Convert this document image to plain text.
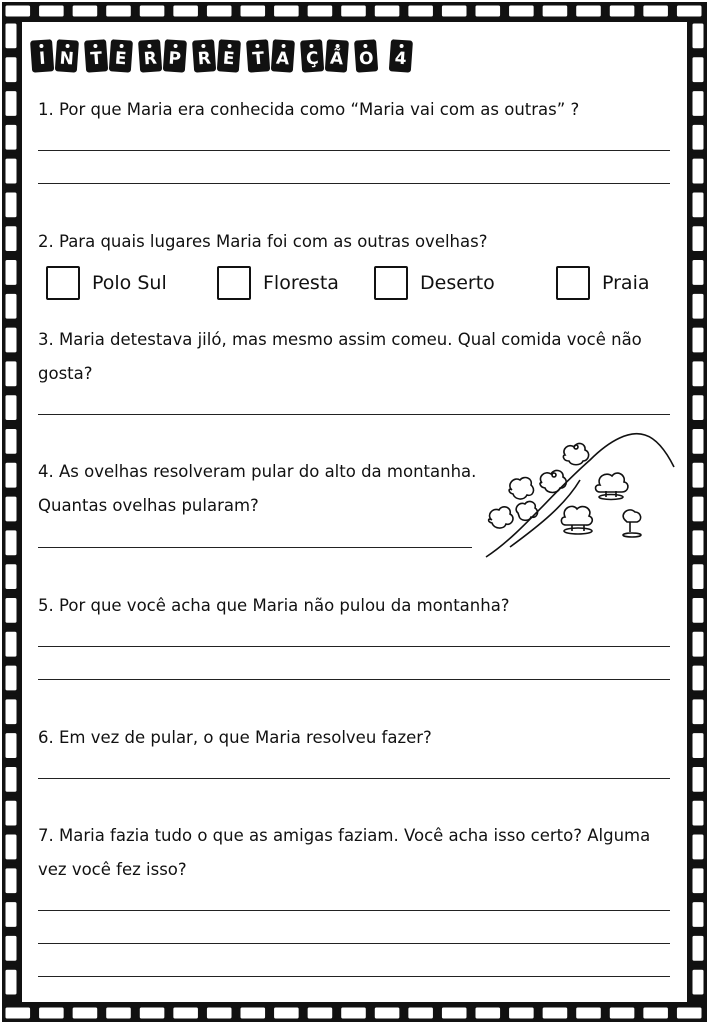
I N T E R P R E T A Ç Ã O	4

1. Por que Maria era conhecida como “Maria vai com as outras” ?

2. Para quais lugares Maria foi com as outras ovelhas?

Polo Sul	Floresta	Deserto	Praia

3. Maria detestava jiló, mas mesmo assim comeu. Qual comida você não

gosta?

4. As ovelhas resolveram pular do alto da montanha.

Quantas ovelhas pularam?

5. Por que você acha que Maria não pulou da montanha?

6. Em vez de pular, o que Maria resolveu fazer?

7. Maria fazia tudo o que as amigas faziam. Você acha isso certo? Alguma

vez você fez isso?
